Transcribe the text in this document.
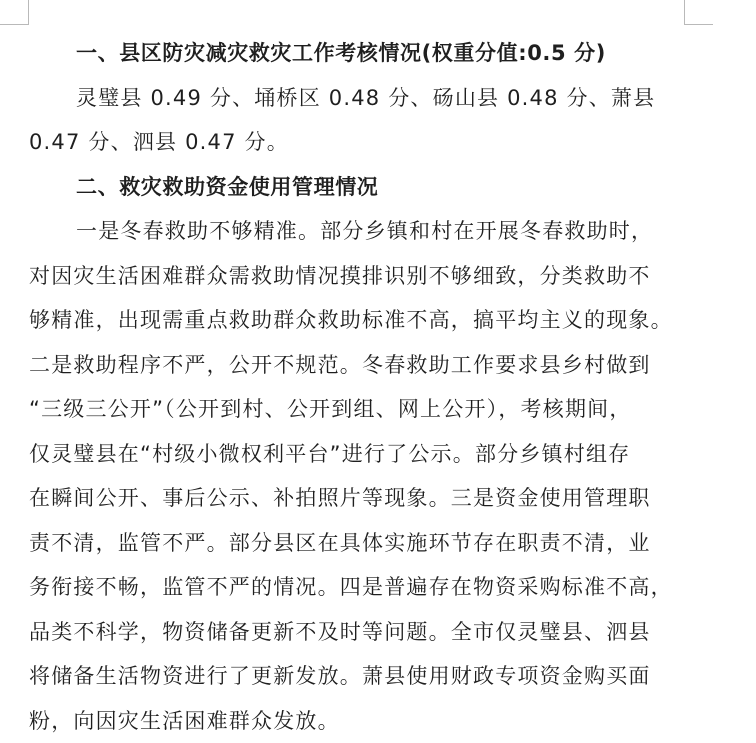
一、县区防灾减灾救灾工作考核情况(权重分值:0.5 分)
灵璧县 0.49 分、埇桥区 0.48 分、砀山县 0.48 分、萧县
0.47 分、泗县 0.47 分。
二、救灾救助资金使用管理情况
一是冬春救助不够精准。部分乡镇和村在开展冬春救助时，
对因灾生活困难群众需救助情况摸排识别不够细致，分类救助不
够精准，出现需重点救助群众救助标准不高，搞平均主义的现象。
二是救助程序不严，公开不规范。冬春救助工作要求县乡村做到
“三级三公开”（公开到村、公开到组、网上公开），考核期间，
仅灵璧县在“村级小微权利平台”进行了公示。部分乡镇村组存
在瞬间公开、事后公示、补拍照片等现象。三是资金使用管理职
责不清，监管不严。部分县区在具体实施环节存在职责不清，业
务衔接不畅，监管不严的情况。四是普遍存在物资采购标准不高，
品类不科学，物资储备更新不及时等问题。全市仅灵璧县、泗县
将储备生活物资进行了更新发放。萧县使用财政专项资金购买面
粉，向因灾生活困难群众发放。
